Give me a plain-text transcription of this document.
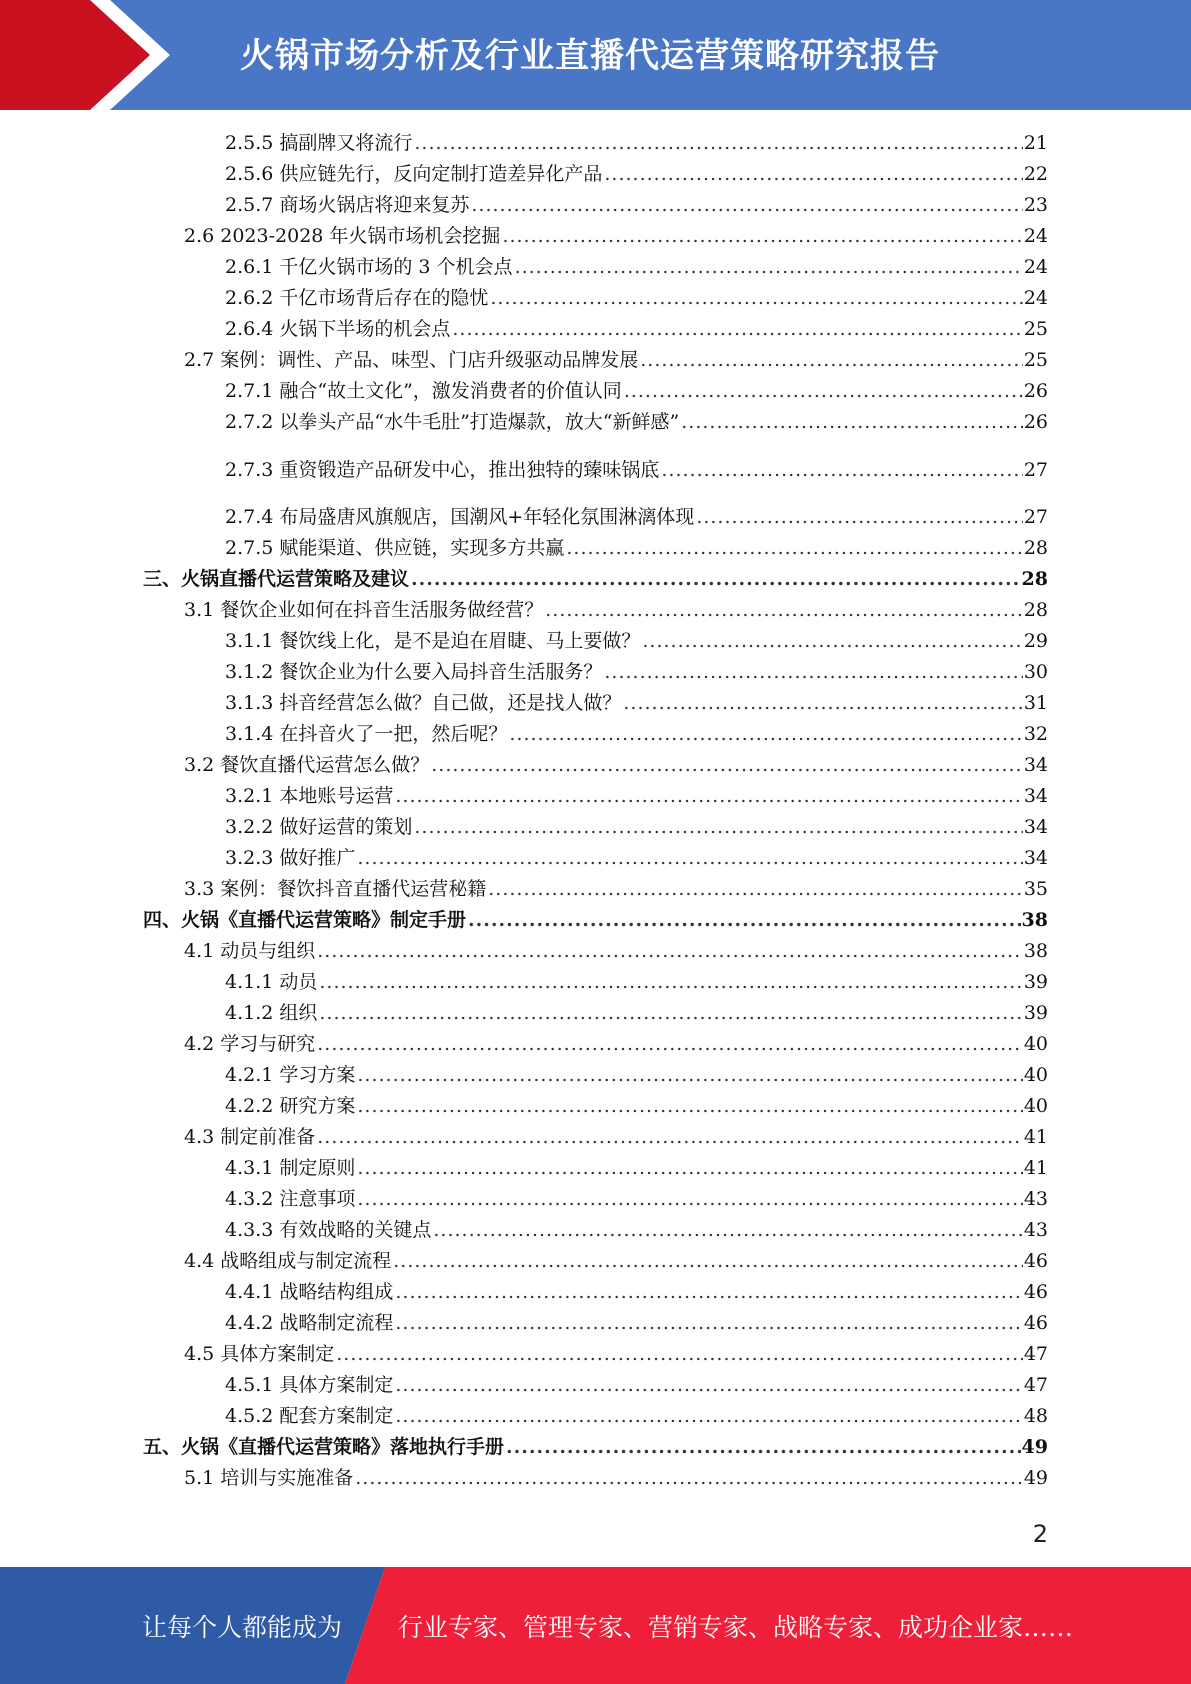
火锅市场分析及行业直播代运营策略研究报告
2.5.5 搞副牌又将流行 .....	21
2.5.6 供应链先行，反向定制打造差异化产品 .....	22
2.5.7 商场火锅店将迎来复苏 .....	23
2.6 2023-2028 年火锅市场机会挖掘 .....	24
2.6.1 千亿火锅市场的 3 个机会点 .....	24
2.6.2 千亿市场背后存在的隐忧 .....	24
2.6.4 火锅下半场的机会点 .....	25
2.7 案例：调性、产品、味型、门店升级驱动品牌发展 .....	25
2.7.1 融合“故土文化”，激发消费者的价值认同 .....	26
2.7.2 以拳头产品“水牛毛肚”打造爆款，放大“新鲜感” .....	26
2.7.3 重资锻造产品研发中心，推出独特的臻味锅底 .....	27
2.7.4 布局盛唐风旗舰店，国潮风+年轻化氛围淋漓体现 .....	27
2.7.5 赋能渠道、供应链，实现多方共赢 .....	28
三、火锅直播代运营策略及建议 .....	28
3.1 餐饮企业如何在抖音生活服务做经营？ .....	28
3.1.1 餐饮线上化，是不是迫在眉睫、马上要做？ .....	29
3.1.2 餐饮企业为什么要入局抖音生活服务？ .....	30
3.1.3 抖音经营怎么做？自己做，还是找人做？ .....	31
3.1.4 在抖音火了一把，然后呢？ .....	32
3.2 餐饮直播代运营怎么做？ .....	34
3.2.1 本地账号运营 .....	34
3.2.2 做好运营的策划 .....	34
3.2.3 做好推广 .....	34
3.3 案例：餐饮抖音直播代运营秘籍 .....	35
四、火锅《直播代运营策略》制定手册 .....	38
4.1 动员与组织 .....	38
4.1.1 动员 .....	39
4.1.2 组织 .....	39
4.2 学习与研究 .....	40
4.2.1 学习方案 .....	40
4.2.2 研究方案 .....	40
4.3 制定前准备 .....	41
4.3.1 制定原则 .....	41
4.3.2 注意事项 .....	43
4.3.3 有效战略的关键点 .....	43
4.4 战略组成与制定流程 .....	46
4.4.1 战略结构组成 .....	46
4.4.2 战略制定流程 .....	46
4.5 具体方案制定 .....	47
4.5.1 具体方案制定 .....	47
4.5.2 配套方案制定 .....	48
五、火锅《直播代运营策略》落地执行手册 .....	49
5.1 培训与实施准备 .....	49
2
让每个人都能成为 行业专家、管理专家、营销专家、战略专家、成功企业家……
